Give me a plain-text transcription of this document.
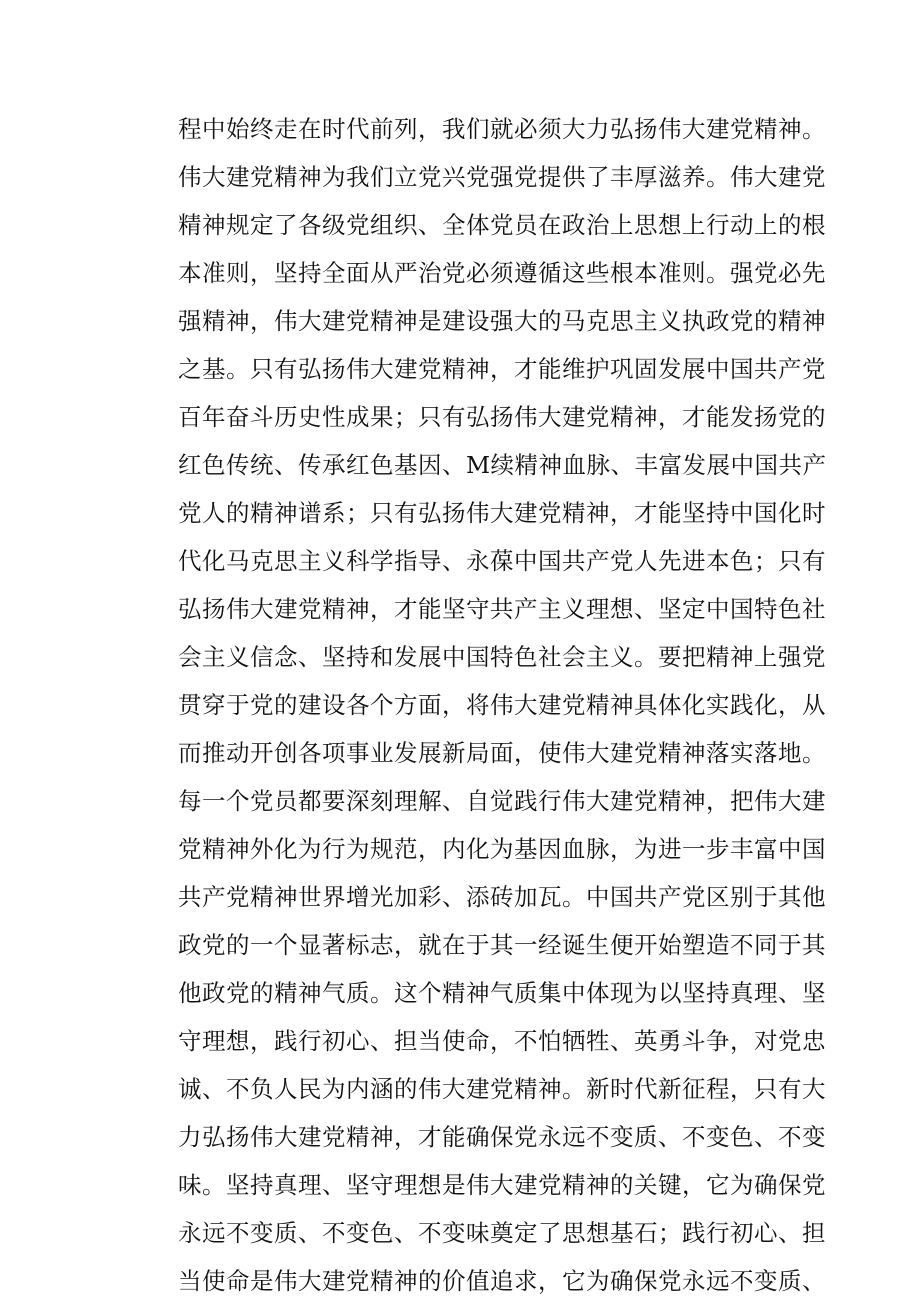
程中始终走在时代前列，我们就必须大力弘扬伟大建党精神。
伟大建党精神为我们立党兴党强党提供了丰厚滋养。伟大建党
精神规定了各级党组织、全体党员在政治上思想上行动上的根
本准则，坚持全面从严治党必须遵循这些根本准则。强党必先
强精神，伟大建党精神是建设强大的马克思主义执政党的精神
之基。只有弘扬伟大建党精神，才能维护巩固发展中国共产党
百年奋斗历史性成果；只有弘扬伟大建党精神，才能发扬党的
红色传统、传承红色基因、M续精神血脉、丰富发展中国共产
党人的精神谱系；只有弘扬伟大建党精神，才能坚持中国化时
代化马克思主义科学指导、永葆中国共产党人先进本色；只有
弘扬伟大建党精神，才能坚守共产主义理想、坚定中国特色社
会主义信念、坚持和发展中国特色社会主义。要把精神上强党
贯穿于党的建设各个方面，将伟大建党精神具体化实践化，从
而推动开创各项事业发展新局面，使伟大建党精神落实落地。
每一个党员都要深刻理解、自觉践行伟大建党精神，把伟大建
党精神外化为行为规范，内化为基因血脉，为进一步丰富中国
共产党精神世界增光加彩、添砖加瓦。中国共产党区别于其他
政党的一个显著标志，就在于其一经诞生便开始塑造不同于其
他政党的精神气质。这个精神气质集中体现为以坚持真理、坚
守理想，践行初心、担当使命，不怕牺牲、英勇斗争，对党忠
诚、不负人民为内涵的伟大建党精神。新时代新征程，只有大
力弘扬伟大建党精神，才能确保党永远不变质、不变色、不变
味。坚持真理、坚守理想是伟大建党精神的关键，它为确保党
永远不变质、不变色、不变味奠定了思想基石；践行初心、担
当使命是伟大建党精神的价值追求，它为确保党永远不变质、
